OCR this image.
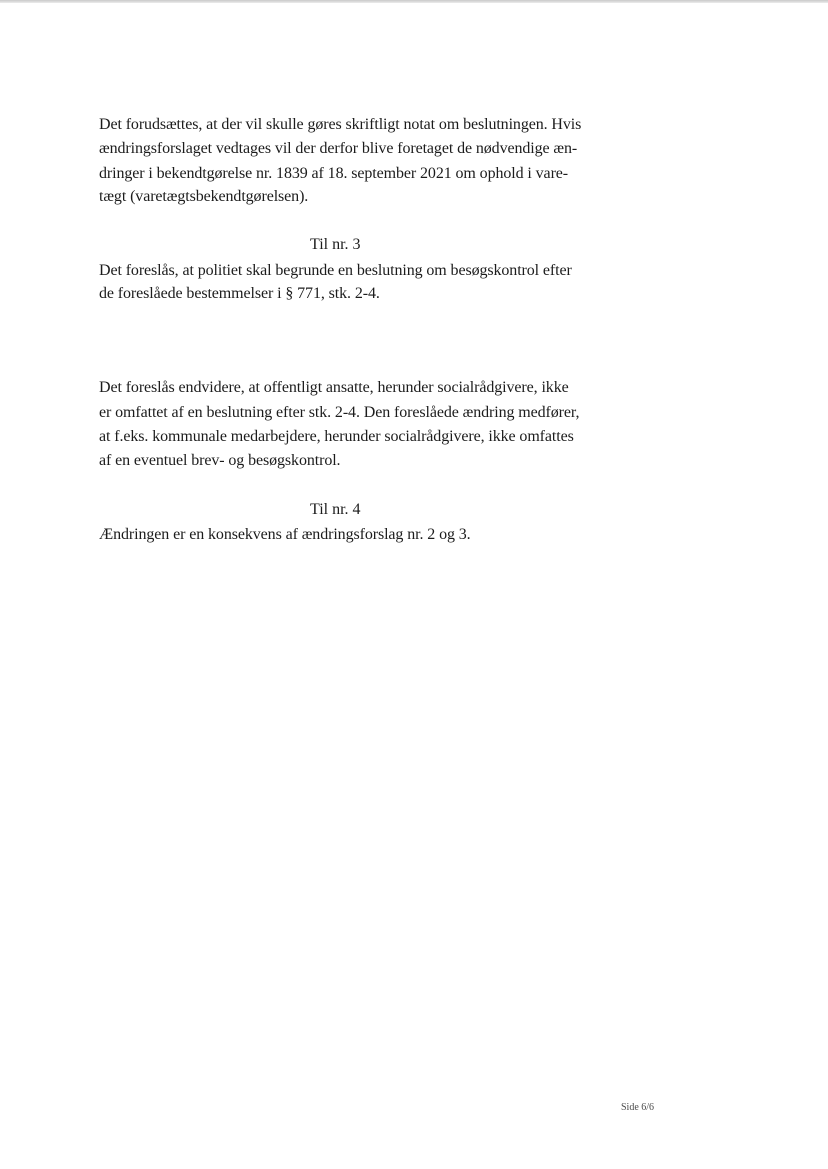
Det forudsættes, at der vil skulle gøres skriftligt notat om beslutningen. Hvis
ændringsforslaget vedtages vil der derfor blive foretaget de nødvendige æn-
dringer i bekendtgørelse nr. 1839 af 18. september 2021 om ophold i vare-
tægt (varetægtsbekendtgørelsen).
Til nr. 3
Det foreslås, at politiet skal begrunde en beslutning om besøgskontrol efter
de foreslåede bestemmelser i § 771, stk. 2-4.
Det foreslås endvidere, at offentligt ansatte, herunder socialrådgivere, ikke
er omfattet af en beslutning efter stk. 2-4. Den foreslåede ændring medfører,
at f.eks. kommunale medarbejdere, herunder socialrådgivere, ikke omfattes
af en eventuel brev- og besøgskontrol.
Til nr. 4
Ændringen er en konsekvens af ændringsforslag nr. 2 og 3.
Side 6/6
